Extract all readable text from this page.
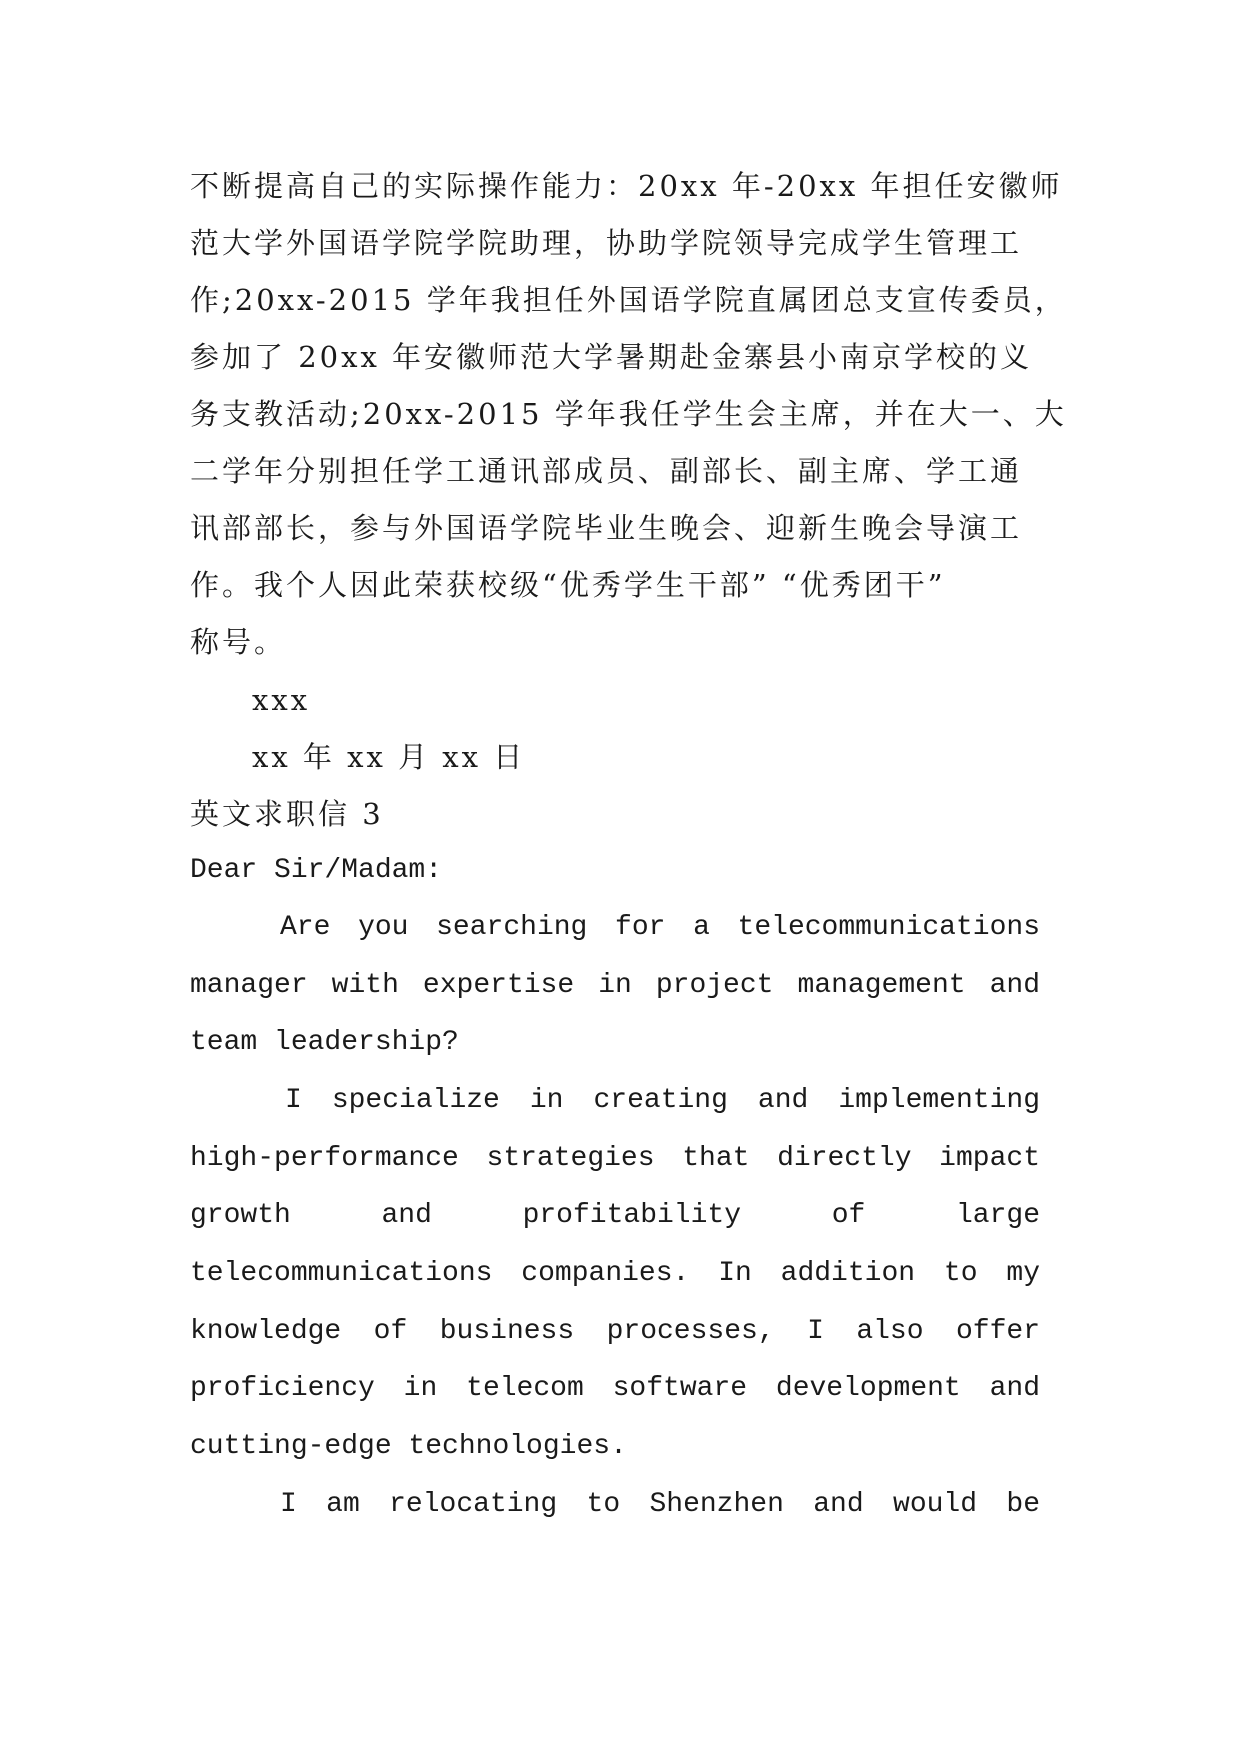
不断提高自己的实际操作能力：20xx 年-20xx 年担任安徽师
范大学外国语学院学院助理，协助学院领导完成学生管理工
作;20xx-2015 学年我担任外国语学院直属团总支宣传委员，
参加了 20xx 年安徽师范大学暑期赴金寨县小南京学校的义
务支教活动;20xx-2015 学年我任学生会主席，并在大一、大
二学年分别担任学工通讯部成员、副部长、副主席、学工通
讯部部长，参与外国语学院毕业生晚会、迎新生晚会导演工
作。我个人因此荣获校级“优秀学生干部” “优秀团干”
称号。
xxx
xx 年 xx 月 xx 日
英文求职信 3
Dear Sir/Madam:
Are you searching for a telecommunications
manager with expertise in project management and
team leadership?
I specialize in creating and implementing
high-performance strategies that directly impact
growth and profitability of large
telecommunications companies. In addition to my
knowledge of business processes, I also offer
proficiency in telecom software development and
cutting-edge technologies.
I am relocating to Shenzhen and would be
